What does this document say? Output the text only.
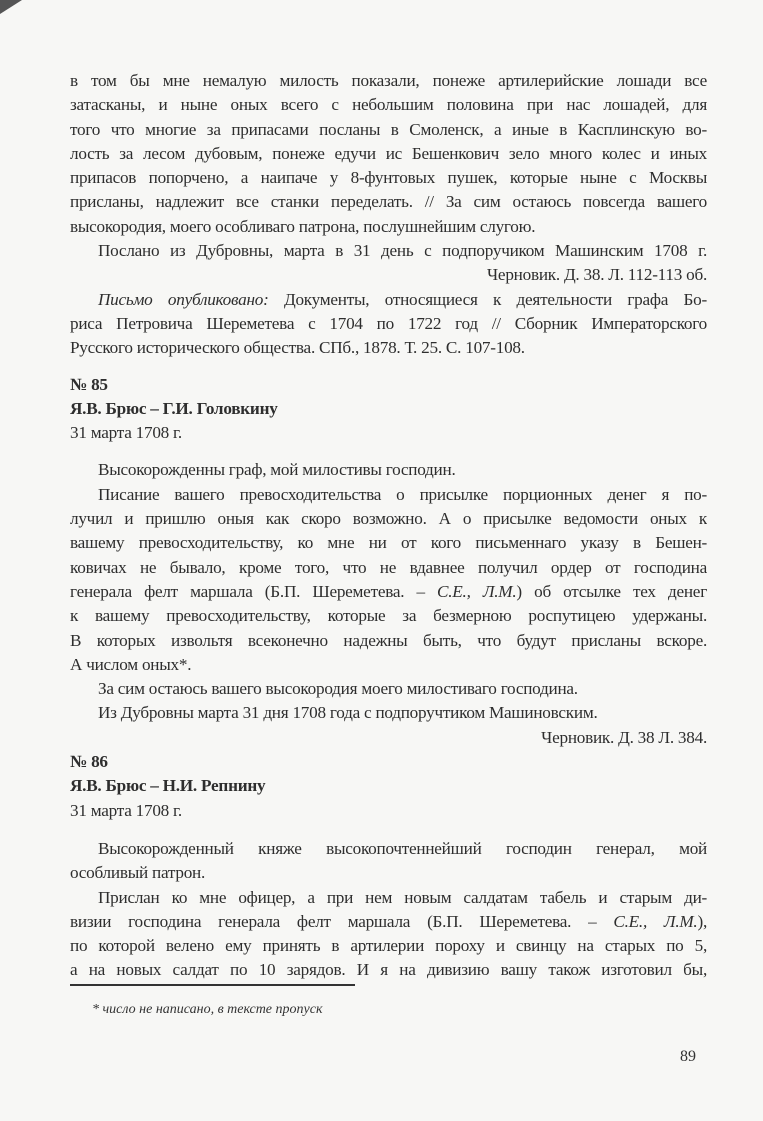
в том бы мне немалую милость показали, понеже артилерийские лошади все
затасканы, и ныне оных всего с небольшим половина при нас лошадей, для
того что многие за припасами посланы в Смоленск, а иные в Касплинскую во-
лость за лесом дубовым, понеже едучи ис Бешенкович зело много колес и иных
припасов попорчено, а наипаче у 8-фунтовых пушек, которые ныне с Москвы
присланы, надлежит все станки переделать. // За сим остаюсь повсегда вашего
высокородия, моего особливаго патрона, послушнейшим слугою.
Послано из Дубровны, марта в 31 день с подпоручиком Машинским 1708 г.
Черновик. Д. 38. Л. 112-113 об.
Письмо опубликовано: Документы, относящиеся к деятельности графа Бо-
риса Петровича Шереметева с 1704 по 1722 год // Сборник Императорского
Русского исторического общества. СПб., 1878. Т. 25. С. 107-108.
№ 85
Я.В. Брюс – Г.И. Головкину
31 марта 1708 г.
Высокорожденны граф, мой милостивы господин.
Писание вашего превосходительства о присылке порционных денег я по-
лучил и пришлю оныя как скоро возможно. А о присылке ведомости оных к
вашему превосходительству, ко мне ни от кого письменнаго указу в Бешен-
ковичах не бывало, кроме того, что не вдавнее получил ордер от господина
генерала фелт маршала (Б.П. Шереметева. – С.Е., Л.М.) об отсылке тех денег
к вашему превосходительству, которые за безмерною роспутицею удержаны.
В которых извольтя всеконечно надежны быть, что будут присланы вскоре.
А числом оных*.
За сим остаюсь вашего высокородия моего милостиваго господина.
Из Дубровны марта 31 дня 1708 года с подпоручтиком Машиновским.
Черновик. Д. 38 Л. 384.
№ 86
Я.В. Брюс – Н.И. Репнину
31 марта 1708 г.
Высокорожденный княже высокопочтеннейший господин генерал, мой
особливый патрон.
Прислан ко мне офицер, а при нем новым салдатам табель и старым ди-
визии господина генерала фелт маршала (Б.П. Шереметева. – С.Е., Л.М.),
по которой велено ему принять в артилерии пороху и свинцу на старых по 5,
а на новых салдат по 10 зарядов. И я на дивизию вашу також изготовил бы,
* число не написано, в тексте пропуск
89
